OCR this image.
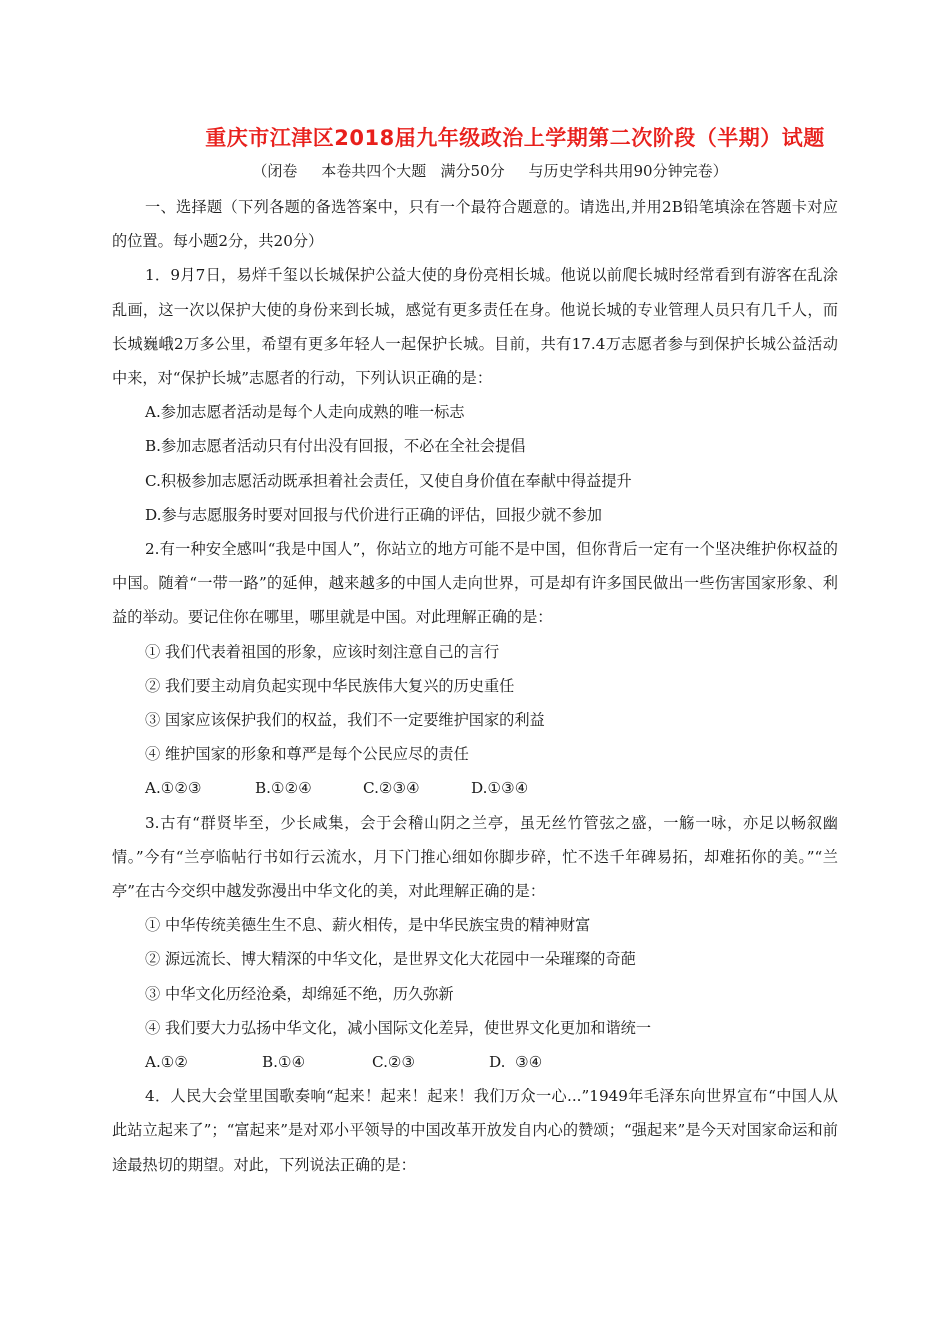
重庆市江津区2018届九年级政治上学期第二次阶段（半期）试题
（闭卷     本卷共四个大题   满分50分     与历史学科共用90分钟完卷）

一、选择题（下列各题的备选答案中，只有一个最符合题意的。请选出,并用2B铅笔填涂在答题卡对应的位置。每小题2分，共20分）

1．9月7日，易烊千玺以长城保护公益大使的身份亮相长城。他说以前爬长城时经常看到有游客在乱涂乱画，这一次以保护大使的身份来到长城，感觉有更多责任在身。他说长城的专业管理人员只有几千人，而长城巍峨2万多公里，希望有更多年轻人一起保护长城。目前，共有17.4万志愿者参与到保护长城公益活动中来，对“保护长城”志愿者的行动，下列认识正确的是：

A.参加志愿者活动是每个人走向成熟的唯一标志

B.参加志愿者活动只有付出没有回报，不必在全社会提倡

C.积极参加志愿活动既承担着社会责任，又使自身价值在奉献中得益提升

D.参与志愿服务时要对回报与代价进行正确的评估，回报少就不参加

2.有一种安全感叫“我是中国人”，你站立的地方可能不是中国，但你背后一定有一个坚决维护你权益的中国。随着“一带一路”的延伸，越来越多的中国人走向世界，可是却有许多国民做出一些伤害国家形象、利益的举动。要记住你在哪里，哪里就是中国。对此理解正确的是：

① 我们代表着祖国的形象，应该时刻注意自己的言行

② 我们要主动肩负起实现中华民族伟大复兴的历史重任

③ 国家应该保护我们的权益，我们不一定要维护国家的利益

④ 维护国家的形象和尊严是每个公民应尽的责任

A.①②③	B.①②④	C.②③④	D.①③④

3.古有“群贤毕至，少长咸集，会于会稽山阴之兰亭，虽无丝竹管弦之盛，一觞一咏，亦足以畅叙幽情。”今有“兰亭临帖行书如行云流水，月下门推心细如你脚步碎，忙不迭千年碑易拓，却难拓你的美。”“兰亭”在古今交织中越发弥漫出中华文化的美，对此理解正确的是：

① 中华传统美德生生不息、薪火相传，是中华民族宝贵的精神财富

② 源远流长、博大精深的中华文化，是世界文化大花园中一朵璀璨的奇葩

③ 中华文化历经沧桑，却绵延不绝，历久弥新

④ 我们要大力弘扬中华文化，减小国际文化差异，使世界文化更加和谐统一

A.①②	B.①④	C.②③	D.  ③④

4．人民大会堂里国歌奏响“起来！起来！起来！我们万众一心...”1949年毛泽东向世界宣布“中国人从此站立起来了”；“富起来”是对邓小平领导的中国改革开放发自内心的赞颂；“强起来”是今天对国家命运和前途最热切的期望。对此，下列说法正确的是：
